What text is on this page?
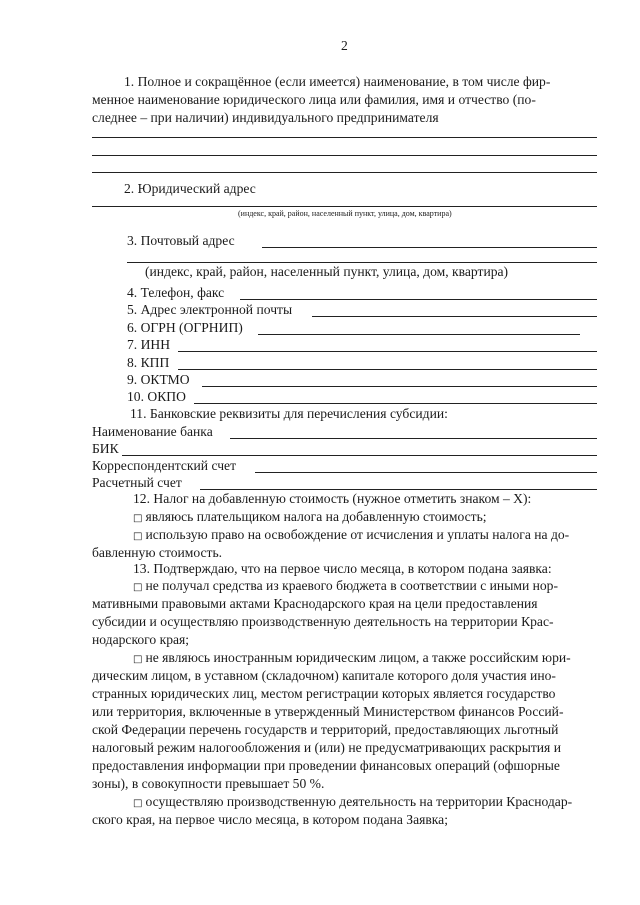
2
1. Полное и сокращённое (если имеется) наименование, в том числе фир-
менное наименование юридического лица или фамилия, имя и отчество (по-
следнее – при наличии) индивидуального предпринимателя
2. Юридический адрес
(индекс, край, район, населенный пункт, улица, дом, квартира)
3. Почтовый адрес
(индекс, край, район, населенный пункт, улица, дом, квартира)
4. Телефон, факс
5. Адрес электронной почты
6. ОГРН (ОГРНИП)
7. ИНН
8. КПП
9. ОКТМО
10. ОКПО
11. Банковские реквизиты для перечисления субсидии:
Наименование банка
БИК
Корреспондентский счет
Расчетный счет
12. Налог на добавленную стоимость (нужное отметить знаком – Х):
□ являюсь плательщиком налога на добавленную стоимость;
□ использую право на освобождение от исчисления и уплаты налога на до-
бавленную стоимость.
13. Подтверждаю, что на первое число месяца, в котором подана заявка:
□ не получал средства из краевого бюджета в соответствии с иными нор-
мативными правовыми актами Краснодарского края на цели предоставления
субсидии и осуществляю производственную деятельность на территории Крас-
нодарского края;
□ не являюсь иностранным юридическим лицом, а также российским юри-
дическим лицом, в уставном (складочном) капитале которого доля участия ино-
странных юридических лиц, местом регистрации которых является государство
или территория, включенные в утвержденный Министерством финансов Россий-
ской Федерации перечень государств и территорий, предоставляющих льготный
налоговый режим налогообложения и (или) не предусматривающих раскрытия и
предоставления информации при проведении финансовых операций (офшорные
зоны), в совокупности превышает 50 %.
□ осуществляю производственную деятельность на территории Краснодар-
ского края, на первое число месяца, в котором подана Заявка;
